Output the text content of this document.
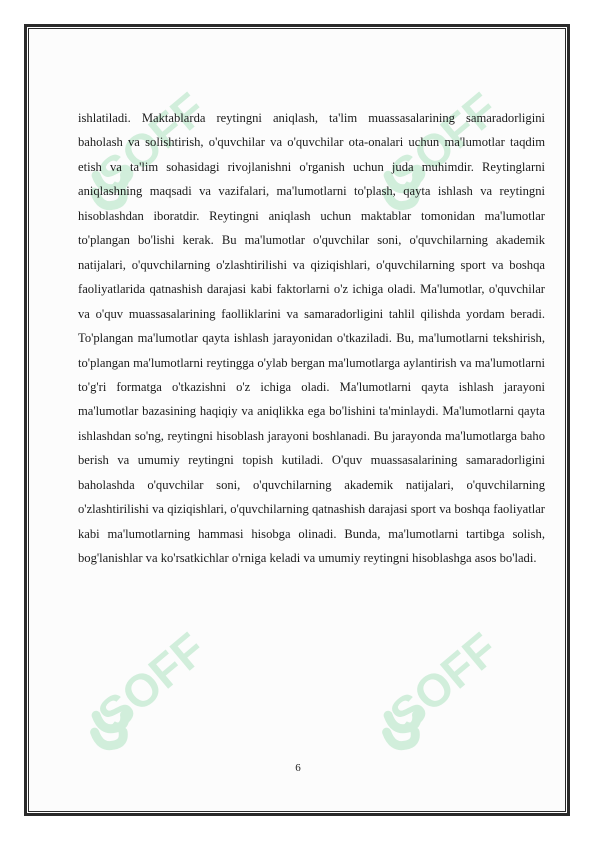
SOFF	SOFF
SOFF	SOFF

ishlatiladi. Maktablarda reytingni aniqlash, ta'lim muassasalarining samaradorligini baholash va solishtirish, o'quvchilar va o'quvchilar ota-onalari uchun ma'lumotlar taqdim etish va ta'lim sohasidagi rivojlanishni o'rganish uchun juda muhimdir. Reytinglarni aniqlashning maqsadi va vazifalari, ma'lumotlarni to'plash, qayta ishlash va reytingni hisoblashdan iboratdir. Reytingni aniqlash uchun maktablar tomonidan ma'lumotlar to'plangan bo'lishi kerak. Bu ma'lumotlar o'quvchilar soni, o'quvchilarning akademik natijalari, o'quvchilarning o'zlashtirilishi va qiziqishlari, o'quvchilarning sport va boshqa faoliyatlarida qatnashish darajasi kabi faktorlarni o'z ichiga oladi. Ma'lumotlar, o'quvchilar va o'quv muassasalarining faolliklarini va samaradorligini tahlil qilishda yordam beradi. To'plangan ma'lumotlar qayta ishlash jarayonidan o'tkaziladi. Bu, ma'lumotlarni tekshirish, to'plangan ma'lumotlarni reytingga o'ylab bergan ma'lumotlarga aylantirish va ma'lumotlarni to'g'ri formatga o'tkazishni o'z ichiga oladi. Ma'lumotlarni qayta ishlash jarayoni ma'lumotlar bazasining haqiqiy va aniqlikka ega bo'lishini ta'minlaydi. Ma'lumotlarni qayta ishlashdan so'ng, reytingni hisoblash jarayoni boshlanadi. Bu jarayonda ma'lumotlarga baho berish va umumiy reytingni topish kutiladi. O'quv muassasalarining samaradorligini baholashda o'quvchilar soni, o'quvchilarning akademik natijalari, o'quvchilarning o'zlashtirilishi va qiziqishlari, o'quvchilarning qatnashish darajasi sport va boshqa faoliyatlar kabi ma'lumotlarning hammasi hisobga olinadi. Bunda, ma'lumotlarni tartibga solish, bog'lanishlar va ko'rsatkichlar o'rniga keladi va umumiy reytingni hisoblashga asos bo'ladi.

6
